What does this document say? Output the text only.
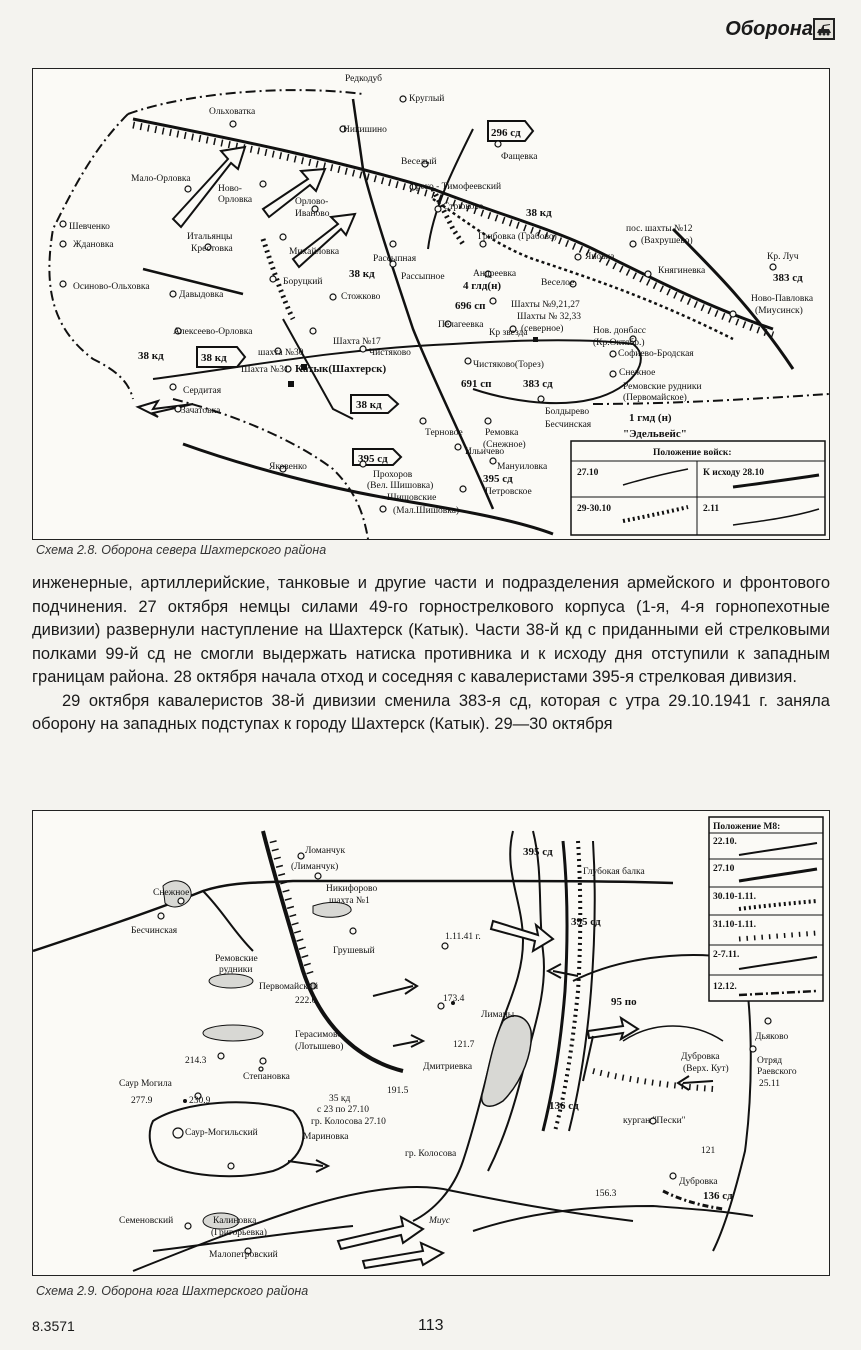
Оборона
Редкодуб
Круглый
Ольховатка
Никишино	296 сд
Фащевка
Веселый
Греко - Тимофеевский
Мало-Орловка
Ново-
Орловка	Орлово-
Иваново
Стрюково	38 кд
Шевченко
Итальянцы
Крестовка	Михайловка
Рассыпная
Грибовка (Грабово)
пос. шахты №12
(Вахрушево)
Ждановка
Яновка
Княгиневка
Кр. Луч
Рассыпное
Осиново-Ольховка	Боруцкий
38 кд	Андреевка
4 глд(н)	Веселое	383 сд
Давыдовка	Стожково
696 сп	Шахты №9,21,27
Ново-Павловка
(Миусинск)
Алексеево-Орловка
Шахта №17
Пелагеевка
Шахты № 32,33
(северное)
Кр звезда	Нов. донбасс
(Кр.Октябр.)
38 кд	38 кд	шахта №30
Шахта №31
Чистяково
Катык(Шахтерск)
Софиево-Бродская
Сердитая
Чистяково(Торез)
691 сп	383 сд
Снежное
Ремовские рудники
(Первомайское)
Зачатовка	38 кд
Болдырево
Терновое
Бесчинская
Ремовка
(Снежное)
1 гмд (н)
"Эдельвейс"
Ильичево
Яковенко
395 сд
Прохоров
(Вел. Шишовка)
Мануиловка
395 сд
Шишовские
Петровское
(Мал.Шишовка)
Положение войск:
27.10	К исходу 28.10
29-30.10	2.11
Схема 2.8. Оборона севера Шахтерского района

инженерные, артиллерийские, танковые и другие части и подразделения армейского и фронтового подчинения. 27 октября немцы силами 49-го горнострелкового корпуса (1-я, 4-я горнопехотные дивизии) развернули наступление на Шахтерск (Катык). Части 38-й кд с приданными ей стрелковыми полками 99-й сд не смогли выдержать натиска противника и к исходу дня отступили к западным границам района. 28 октября начала отход и соседняя с кавалеристами 395-я стрелковая дивизия.

29 октября кавалеристов 38-й дивизии сменила 383-я сд, которая с утра 29.10.1941 г. заняла оборону на западных подступах к городу Шахтерск (Катык). 29—30 октября

Ломанчук
(Лиманчук)
395 сд
Глубокая балка
Снежное	Никифорово
шахта №1
1.11.41 г.
395 сд
Бесчинская
Ремовские
рудники
Грушевый
Первомайский
222.0	173.4
Лиманы
95 по
Дьяково
Герасимово
(Лотышево)
214.3
121.7
Дмитриевка
Дубровка
(Верх. Кут)
Степановка
Отряд
Раевского
25.11
Саур Могила
277.9	230.9
191.5
35 кд
с 23 по 27.10
гр. Колосова 27.10
136 сд
курган "Пески"
Саур-Могильский	Мариновка
гр. Колосова	121
Дубровка
156.3	136 сд
Миус
Семеновский	Калиновка
(Григорьевка)
Малопетровский
Положение М8:
22.10.
27.10
30.10-1.11.
31.10-1.11.
2-7.11.
12.12.
Схема 2.9. Оборона юга Шахтерского района
8.3571	113
